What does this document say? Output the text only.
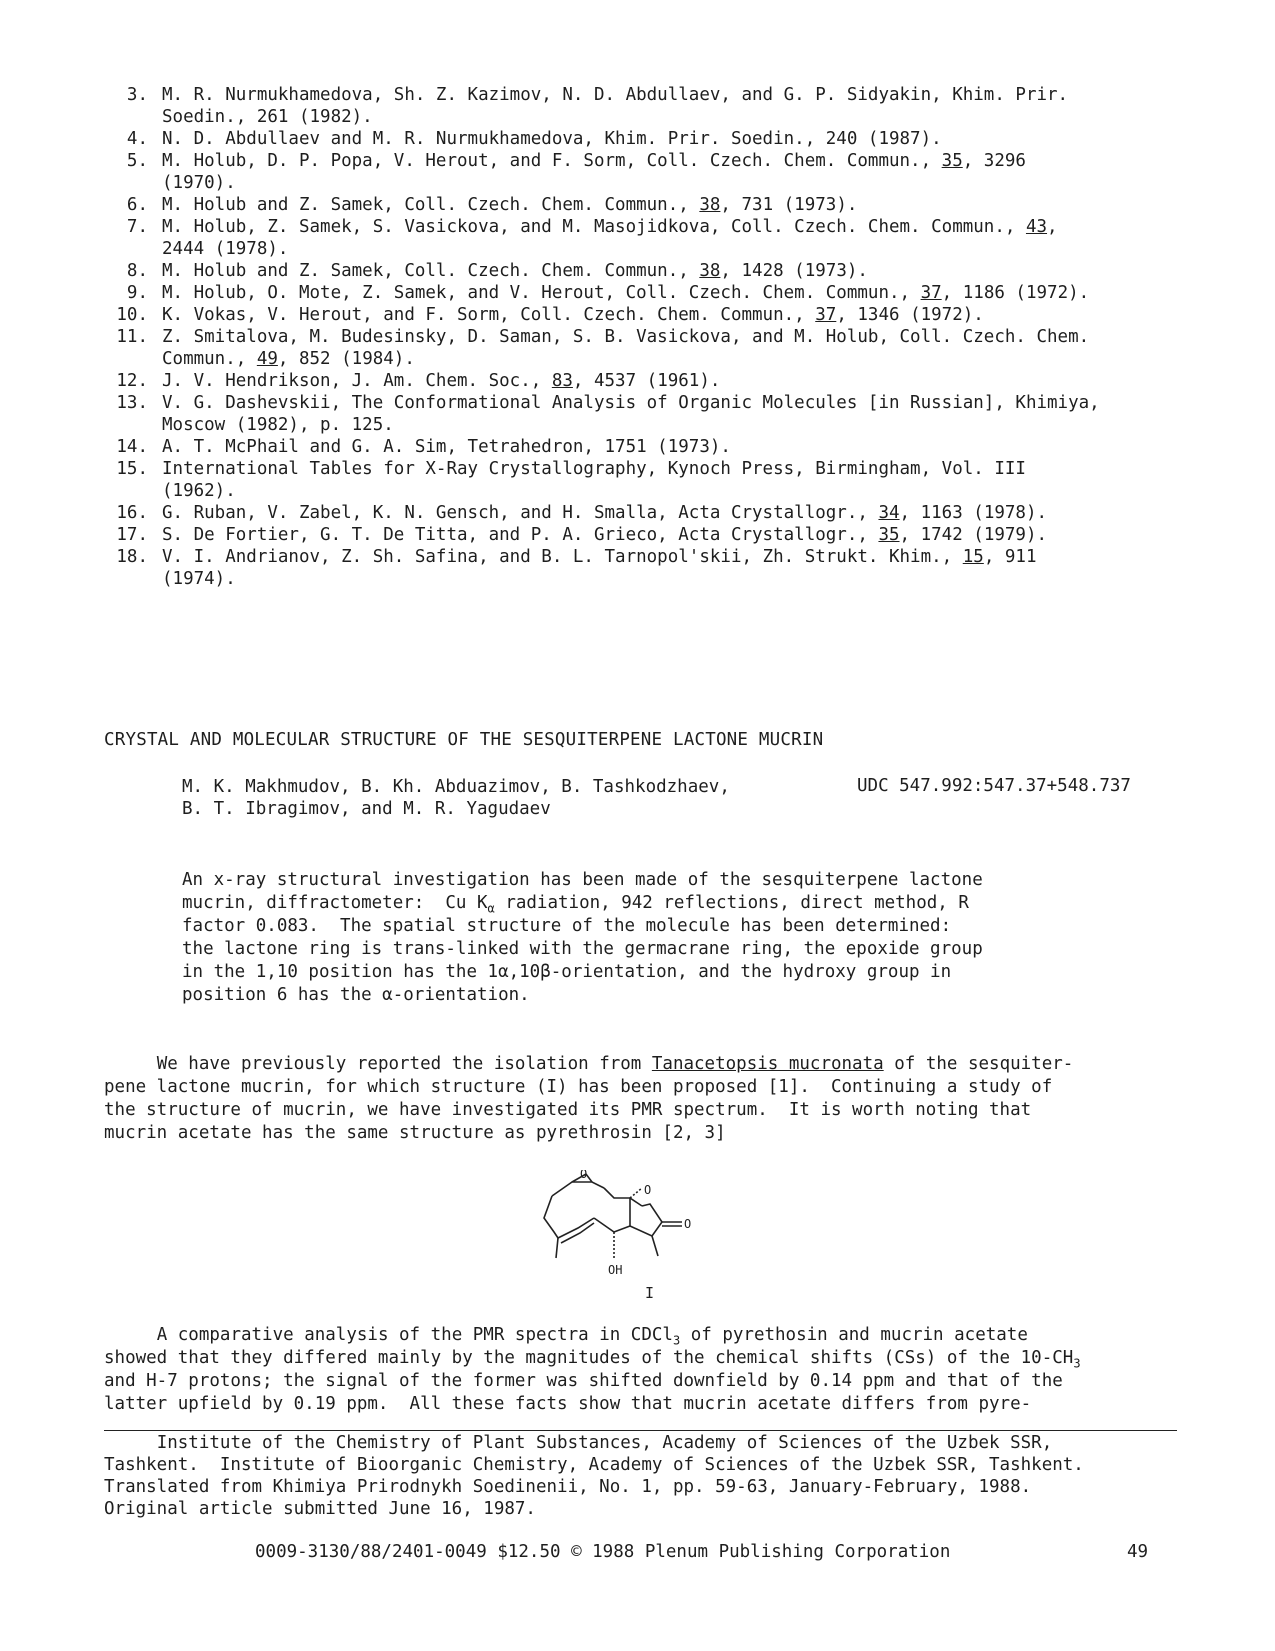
3. M. R. Nurmukhamedova, Sh. Z. Kazimov, N. D. Abdullaev, and G. P. Sidyakin, Khim. Prir.
Soedin., 261 (1982).
4. N. D. Abdullaev and M. R. Nurmukhamedova, Khim. Prir. Soedin., 240 (1987).
5. M. Holub, D. P. Popa, V. Herout, and F. Sorm, Coll. Czech. Chem. Commun., 35, 3296
(1970).
6. M. Holub and Z. Samek, Coll. Czech. Chem. Commun., 38, 731 (1973).
7. M. Holub, Z. Samek, S. Vasickova, and M. Masojidkova, Coll. Czech. Chem. Commun., 43,
2444 (1978).
8. M. Holub and Z. Samek, Coll. Czech. Chem. Commun., 38, 1428 (1973).
9. M. Holub, O. Mote, Z. Samek, and V. Herout, Coll. Czech. Chem. Commun., 37, 1186 (1972).
10. K. Vokas, V. Herout, and F. Sorm, Coll. Czech. Chem. Commun., 37, 1346 (1972).
11. Z. Smitalova, M. Budesinsky, D. Saman, S. B. Vasickova, and M. Holub, Coll. Czech. Chem.
Commun., 49, 852 (1984).
12. J. V. Hendrikson, J. Am. Chem. Soc., 83, 4537 (1961).
13. V. G. Dashevskii, The Conformational Analysis of Organic Molecules [in Russian], Khimiya,
Moscow (1982), p. 125.
14. A. T. McPhail and G. A. Sim, Tetrahedron, 1751 (1973).
15. International Tables for X-Ray Crystallography, Kynoch Press, Birmingham, Vol. III
(1962).
16. G. Ruban, V. Zabel, K. N. Gensch, and H. Smalla, Acta Crystallogr., 34, 1163 (1978).
17. S. De Fortier, G. T. De Titta, and P. A. Grieco, Acta Crystallogr., 35, 1742 (1979).
18. V. I. Andrianov, Z. Sh. Safina, and B. L. Tarnopol'skii, Zh. Strukt. Khim., 15, 911
(1974).
CRYSTAL AND MOLECULAR STRUCTURE OF THE SESQUITERPENE LACTONE MUCRIN
M. K. Makhmudov, B. Kh. Abduazimov, B. Tashkodzhaev,
B. T. Ibragimov, and M. R. Yagudaev
UDC 547.992:547.37+548.737
An x-ray structural investigation has been made of the sesquiterpene lactone
mucrin, diffractometer:  Cu $K_\alpha$ radiation, 942 reflections, direct method, R
factor 0.083.  The spatial structure of the molecule has been determined:
the lactone ring is trans-linked with the germacrane ring, the epoxide group
in the 1,10 position has the 1α,10β-orientation, and the hydroxy group in
position 6 has the α-orientation.
We have previously reported the isolation from Tanacetopsis mucronata of the sesquiter-
pene lactone mucrin, for which structure (I) has been proposed [1].  Continuing a study of
the structure of mucrin, we have investigated its PMR spectrum.  It is worth noting that
mucrin acetate has the same structure as pyrethrosin [2, 3]
O
O
O
OH
I
A comparative analysis of the PMR spectra in CDCl$_3$ of pyrethosin and mucrin acetate
showed that they differed mainly by the magnitudes of the chemical shifts (CSs) of the $10-CH_3$
and H-7 protons; the signal of the former was shifted downfield by 0.14 ppm and that of the
latter upfield by 0.19 ppm.  All these facts show that mucrin acetate differs from pyre-
Institute of the Chemistry of Plant Substances, Academy of Sciences of the Uzbek SSR,
Tashkent.  Institute of Bioorganic Chemistry, Academy of Sciences of the Uzbek SSR, Tashkent.
Translated from Khimiya Prirodnykh Soedinenii, No. 1, pp. 59-63, January-February, 1988.
Original article submitted June 16, 1987.
0009-3130/88/2401-0049 $12.50 © 1988 Plenum Publishing Corporation	49
